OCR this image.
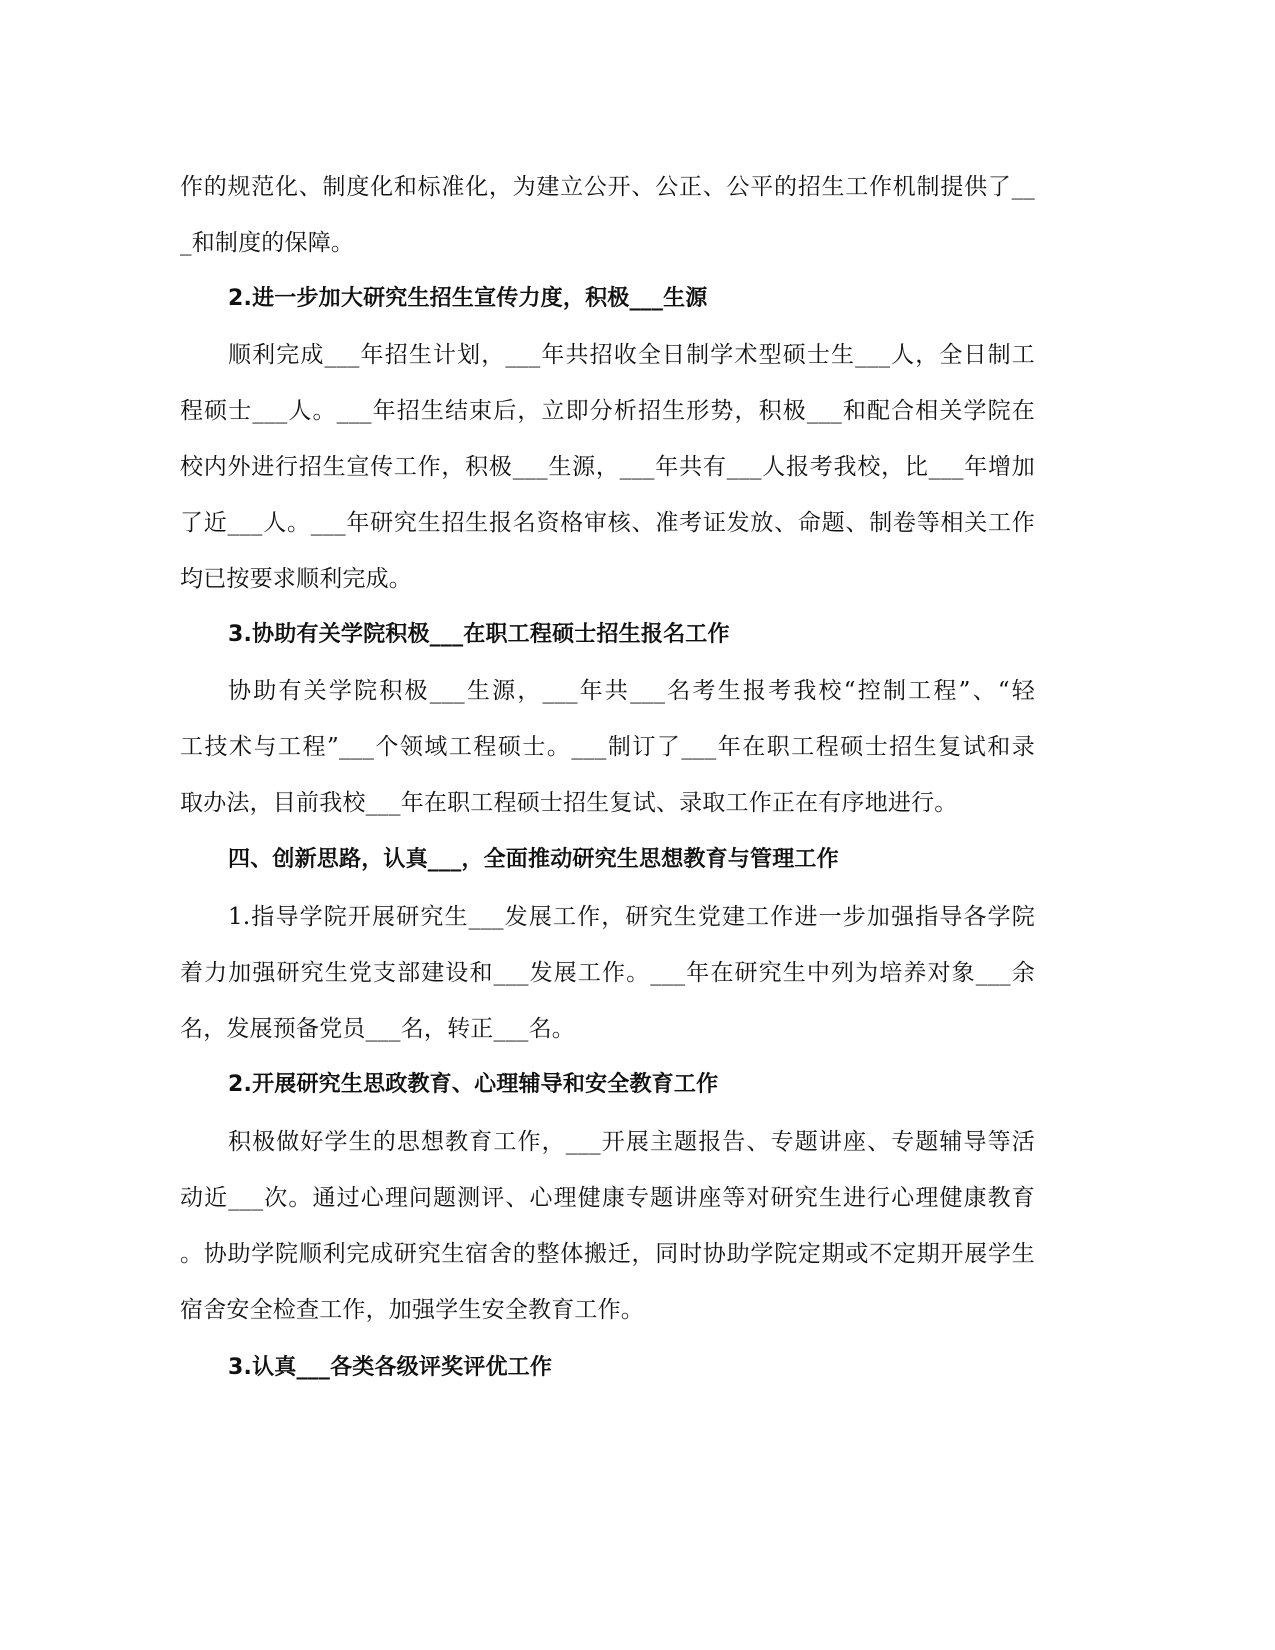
作的规范化、制度化和标准化，为建立公开、公正、公平的招生工作机制提供了__
_和制度的保障。
2.进一步加大研究生招生宣传力度，积极___生源
顺利完成___年招生计划，___年共招收全日制学术型硕士生___人，全日制工
程硕士___人。___年招生结束后，立即分析招生形势，积极___和配合相关学院在
校内外进行招生宣传工作，积极___生源，___年共有___人报考我校，比___年增加
了近___人。___年研究生招生报名资格审核、准考证发放、命题、制卷等相关工作
均已按要求顺利完成。
3.协助有关学院积极___在职工程硕士招生报名工作
协助有关学院积极___生源，___年共___名考生报考我校“控制工程”、“轻
工技术与工程”___个领域工程硕士。___制订了___年在职工程硕士招生复试和录
取办法，目前我校___年在职工程硕士招生复试、录取工作正在有序地进行。
四、创新思路，认真___，全面推动研究生思想教育与管理工作
1.指导学院开展研究生___发展工作，研究生党建工作进一步加强指导各学院
着力加强研究生党支部建设和___发展工作。___年在研究生中列为培养对象___余
名，发展预备党员___名，转正___名。
2.开展研究生思政教育、心理辅导和安全教育工作
积极做好学生的思想教育工作，___开展主题报告、专题讲座、专题辅导等活
动近___次。通过心理问题测评、心理健康专题讲座等对研究生进行心理健康教育
。协助学院顺利完成研究生宿舍的整体搬迁，同时协助学院定期或不定期开展学生
宿舍安全检查工作，加强学生安全教育工作。
3.认真___各类各级评奖评优工作
